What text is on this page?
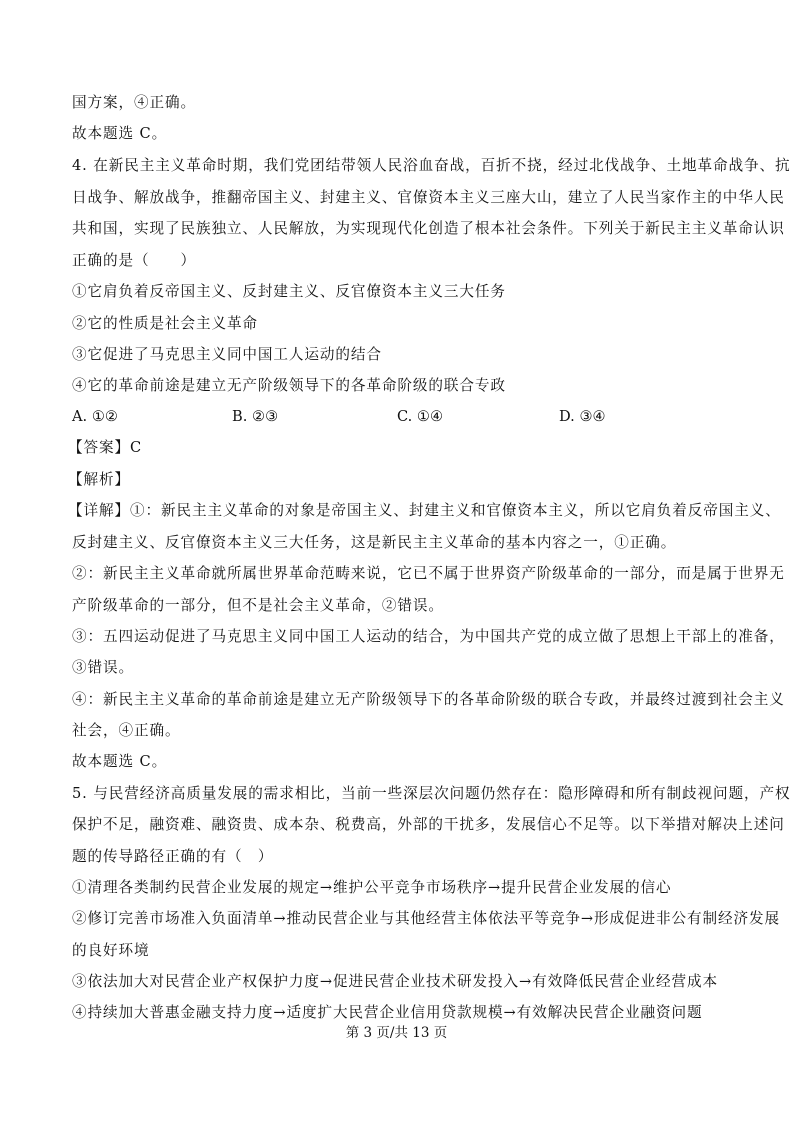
国方案，④正确。
故本题选 C。
4. 在新民主主义革命时期，我们党团结带领人民浴血奋战，百折不挠，经过北伐战争、土地革命战争、抗
日战争、解放战争，推翻帝国主义、封建主义、官僚资本主义三座大山，建立了人民当家作主的中华人民
共和国，实现了民族独立、人民解放，为实现现代化创造了根本社会条件。下列关于新民主主义革命认识
正确的是（　　）
①它肩负着反帝国主义、反封建主义、反官僚资本主义三大任务
②它的性质是社会主义革命
③它促进了马克思主义同中国工人运动的结合
④它的革命前途是建立无产阶级领导下的各革命阶级的联合专政
A. ①②	B. ②③	C. ①④	D. ③④
【答案】C
【解析】
【详解】①：新民主主义革命的对象是帝国主义、封建主义和官僚资本主义，所以它肩负着反帝国主义、
反封建主义、反官僚资本主义三大任务，这是新民主主义革命的基本内容之一，①正确。
②：新民主主义革命就所属世界革命范畴来说，它已不属于世界资产阶级革命的一部分，而是属于世界无
产阶级革命的一部分，但不是社会主义革命，②错误。
③：五四运动促进了马克思主义同中国工人运动的结合，为中国共产党的成立做了思想上干部上的准备，
③错误。
④：新民主主义革命的革命前途是建立无产阶级领导下的各革命阶级的联合专政，并最终过渡到社会主义
社会，④正确。
故本题选 C。
5. 与民营经济高质量发展的需求相比，当前一些深层次问题仍然存在：隐形障碍和所有制歧视问题，产权
保护不足，融资难、融资贵、成本杂、税费高，外部的干扰多，发展信心不足等。以下举措对解决上述问
题的传导路径正确的有（　）
①清理各类制约民营企业发展的规定→维护公平竞争市场秩序→提升民营企业发展的信心
②修订完善市场准入负面清单→推动民营企业与其他经营主体依法平等竞争→形成促进非公有制经济发展
的良好环境
③依法加大对民营企业产权保护力度→促进民营企业技术研发投入→有效降低民营企业经营成本
④持续加大普惠金融支持力度→适度扩大民营企业信用贷款规模→有效解决民营企业融资问题
第 3 页/共 13 页
